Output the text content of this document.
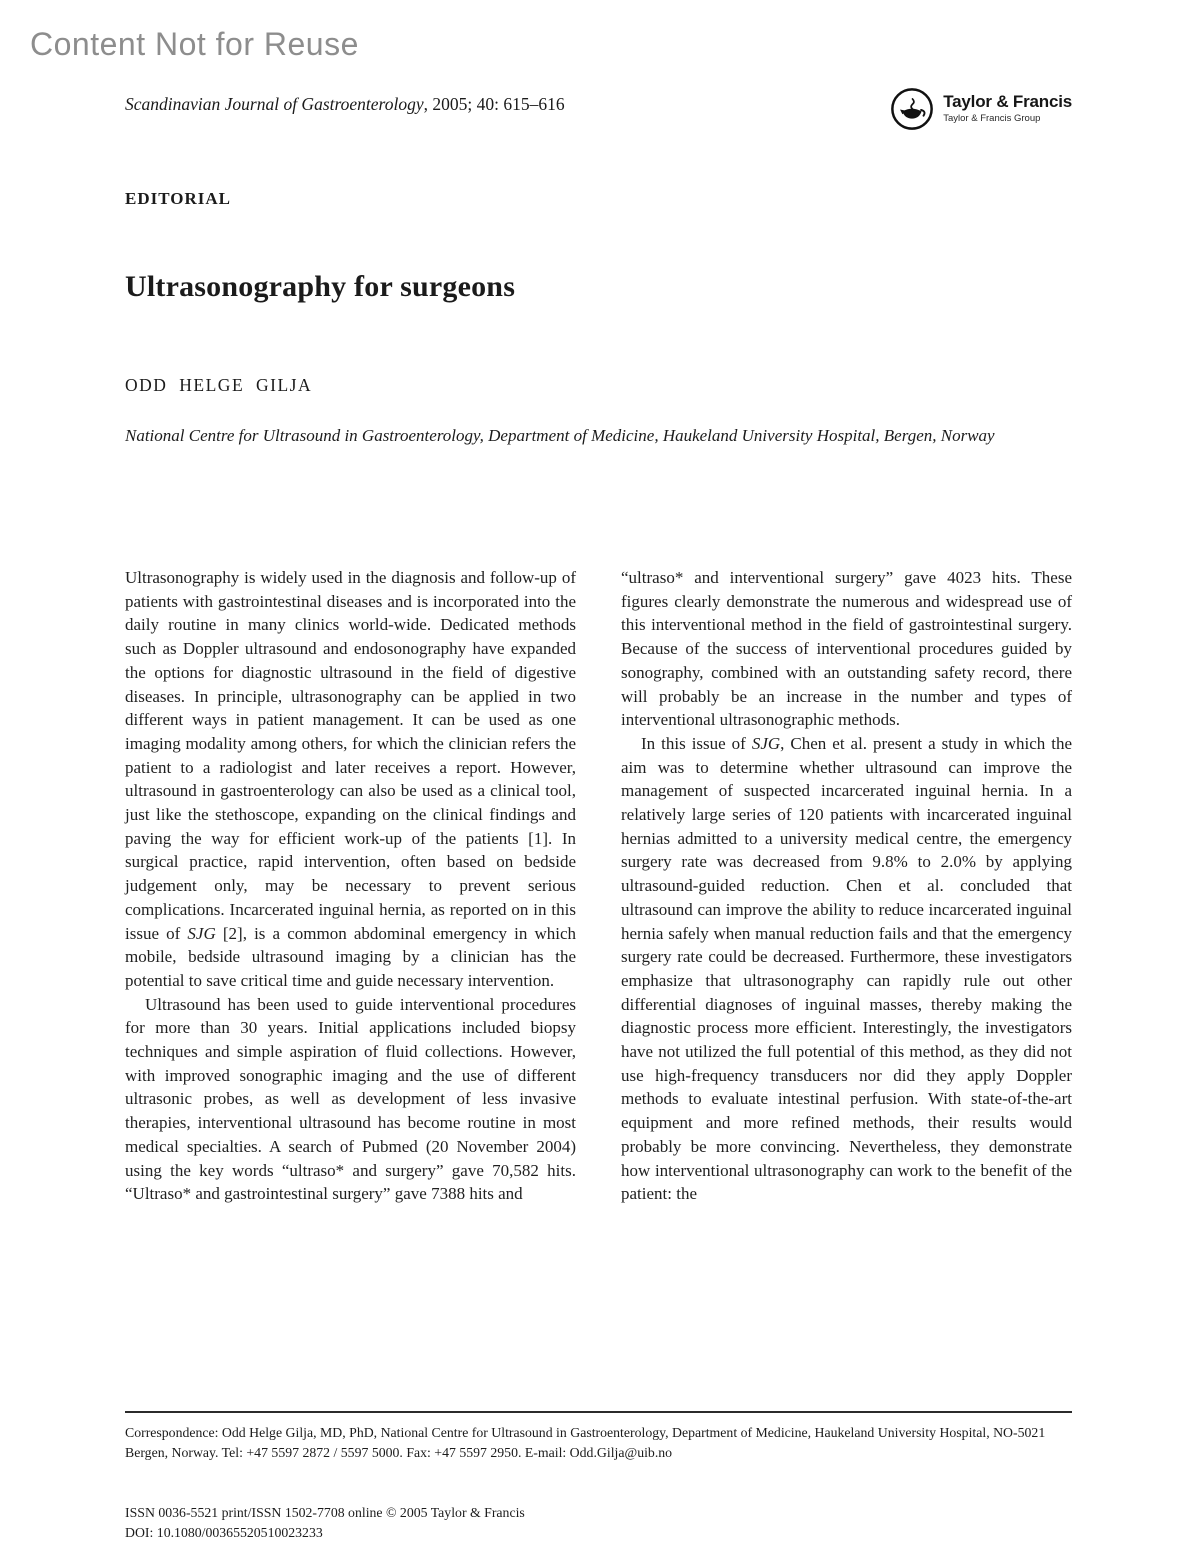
Content Not for Reuse
Scandinavian Journal of Gastroenterology, 2005; 40: 615–616	Taylor & Francis
Taylor & Francis Group
EDITORIAL
Ultrasonography for surgeons
ODD HELGE GILJA
National Centre for Ultrasound in Gastroenterology, Department of Medicine, Haukeland University Hospital, Bergen, Norway

Ultrasonography is widely used in the diagnosis and follow-up of patients with gastrointestinal diseases and is incorporated into the daily routine in many clinics world-wide. Dedicated methods such as Doppler ultrasound and endosonography have expanded the options for diagnostic ultrasound in the field of digestive diseases. In principle, ultrasonography can be applied in two different ways in patient management. It can be used as one imaging modality among others, for which the clinician refers the patient to a radiologist and later receives a report. However, ultrasound in gastroenterology can also be used as a clinical tool, just like the stethoscope, expanding on the clinical findings and paving the way for efficient work-up of the patients [1]. In surgical practice, rapid intervention, often based on bedside judgement only, may be necessary to prevent serious complications. Incarcerated inguinal hernia, as reported on in this issue of SJG [2], is a common abdominal emergency in which mobile, bedside ultrasound imaging by a clinician has the potential to save critical time and guide necessary intervention.

Ultrasound has been used to guide interventional procedures for more than 30 years. Initial applications included biopsy techniques and simple aspiration of fluid collections. However, with improved sonographic imaging and the use of different ultrasonic probes, as well as development of less invasive therapies, interventional ultrasound has become routine in most medical specialties. A search of Pubmed (20 November 2004) using the key words “ultraso* and surgery” gave 70,582 hits. “Ultraso* and gastrointestinal surgery” gave 7388 hits and

“ultraso* and interventional surgery” gave 4023 hits. These figures clearly demonstrate the numerous and widespread use of this interventional method in the field of gastrointestinal surgery. Because of the success of interventional procedures guided by sonography, combined with an outstanding safety record, there will probably be an increase in the number and types of interventional ultrasonographic methods.

In this issue of SJG, Chen et al. present a study in which the aim was to determine whether ultrasound can improve the management of suspected incarcerated inguinal hernia. In a relatively large series of 120 patients with incarcerated inguinal hernias admitted to a university medical centre, the emergency surgery rate was decreased from 9.8% to 2.0% by applying ultrasound-guided reduction. Chen et al. concluded that ultrasound can improve the ability to reduce incarcerated inguinal hernia safely when manual reduction fails and that the emergency surgery rate could be decreased. Furthermore, these investigators emphasize that ultrasonography can rapidly rule out other differential diagnoses of inguinal masses, thereby making the diagnostic process more efficient. Interestingly, the investigators have not utilized the full potential of this method, as they did not use high-frequency transducers nor did they apply Doppler methods to evaluate intestinal perfusion. With state-of-the-art equipment and more refined methods, their results would probably be more convincing. Nevertheless, they demonstrate how interventional ultrasonography can work to the benefit of the patient: the

Correspondence: Odd Helge Gilja, MD, PhD, National Centre for Ultrasound in Gastroenterology, Department of Medicine, Haukeland University Hospital, NO-5021 Bergen, Norway. Tel: +47 5597 2872 / 5597 5000. Fax: +47 5597 2950. E-mail: Odd.Gilja@uib.no
ISSN 0036-5521 print/ISSN 1502-7708 online © 2005 Taylor & Francis
DOI: 10.1080/00365520510023233
